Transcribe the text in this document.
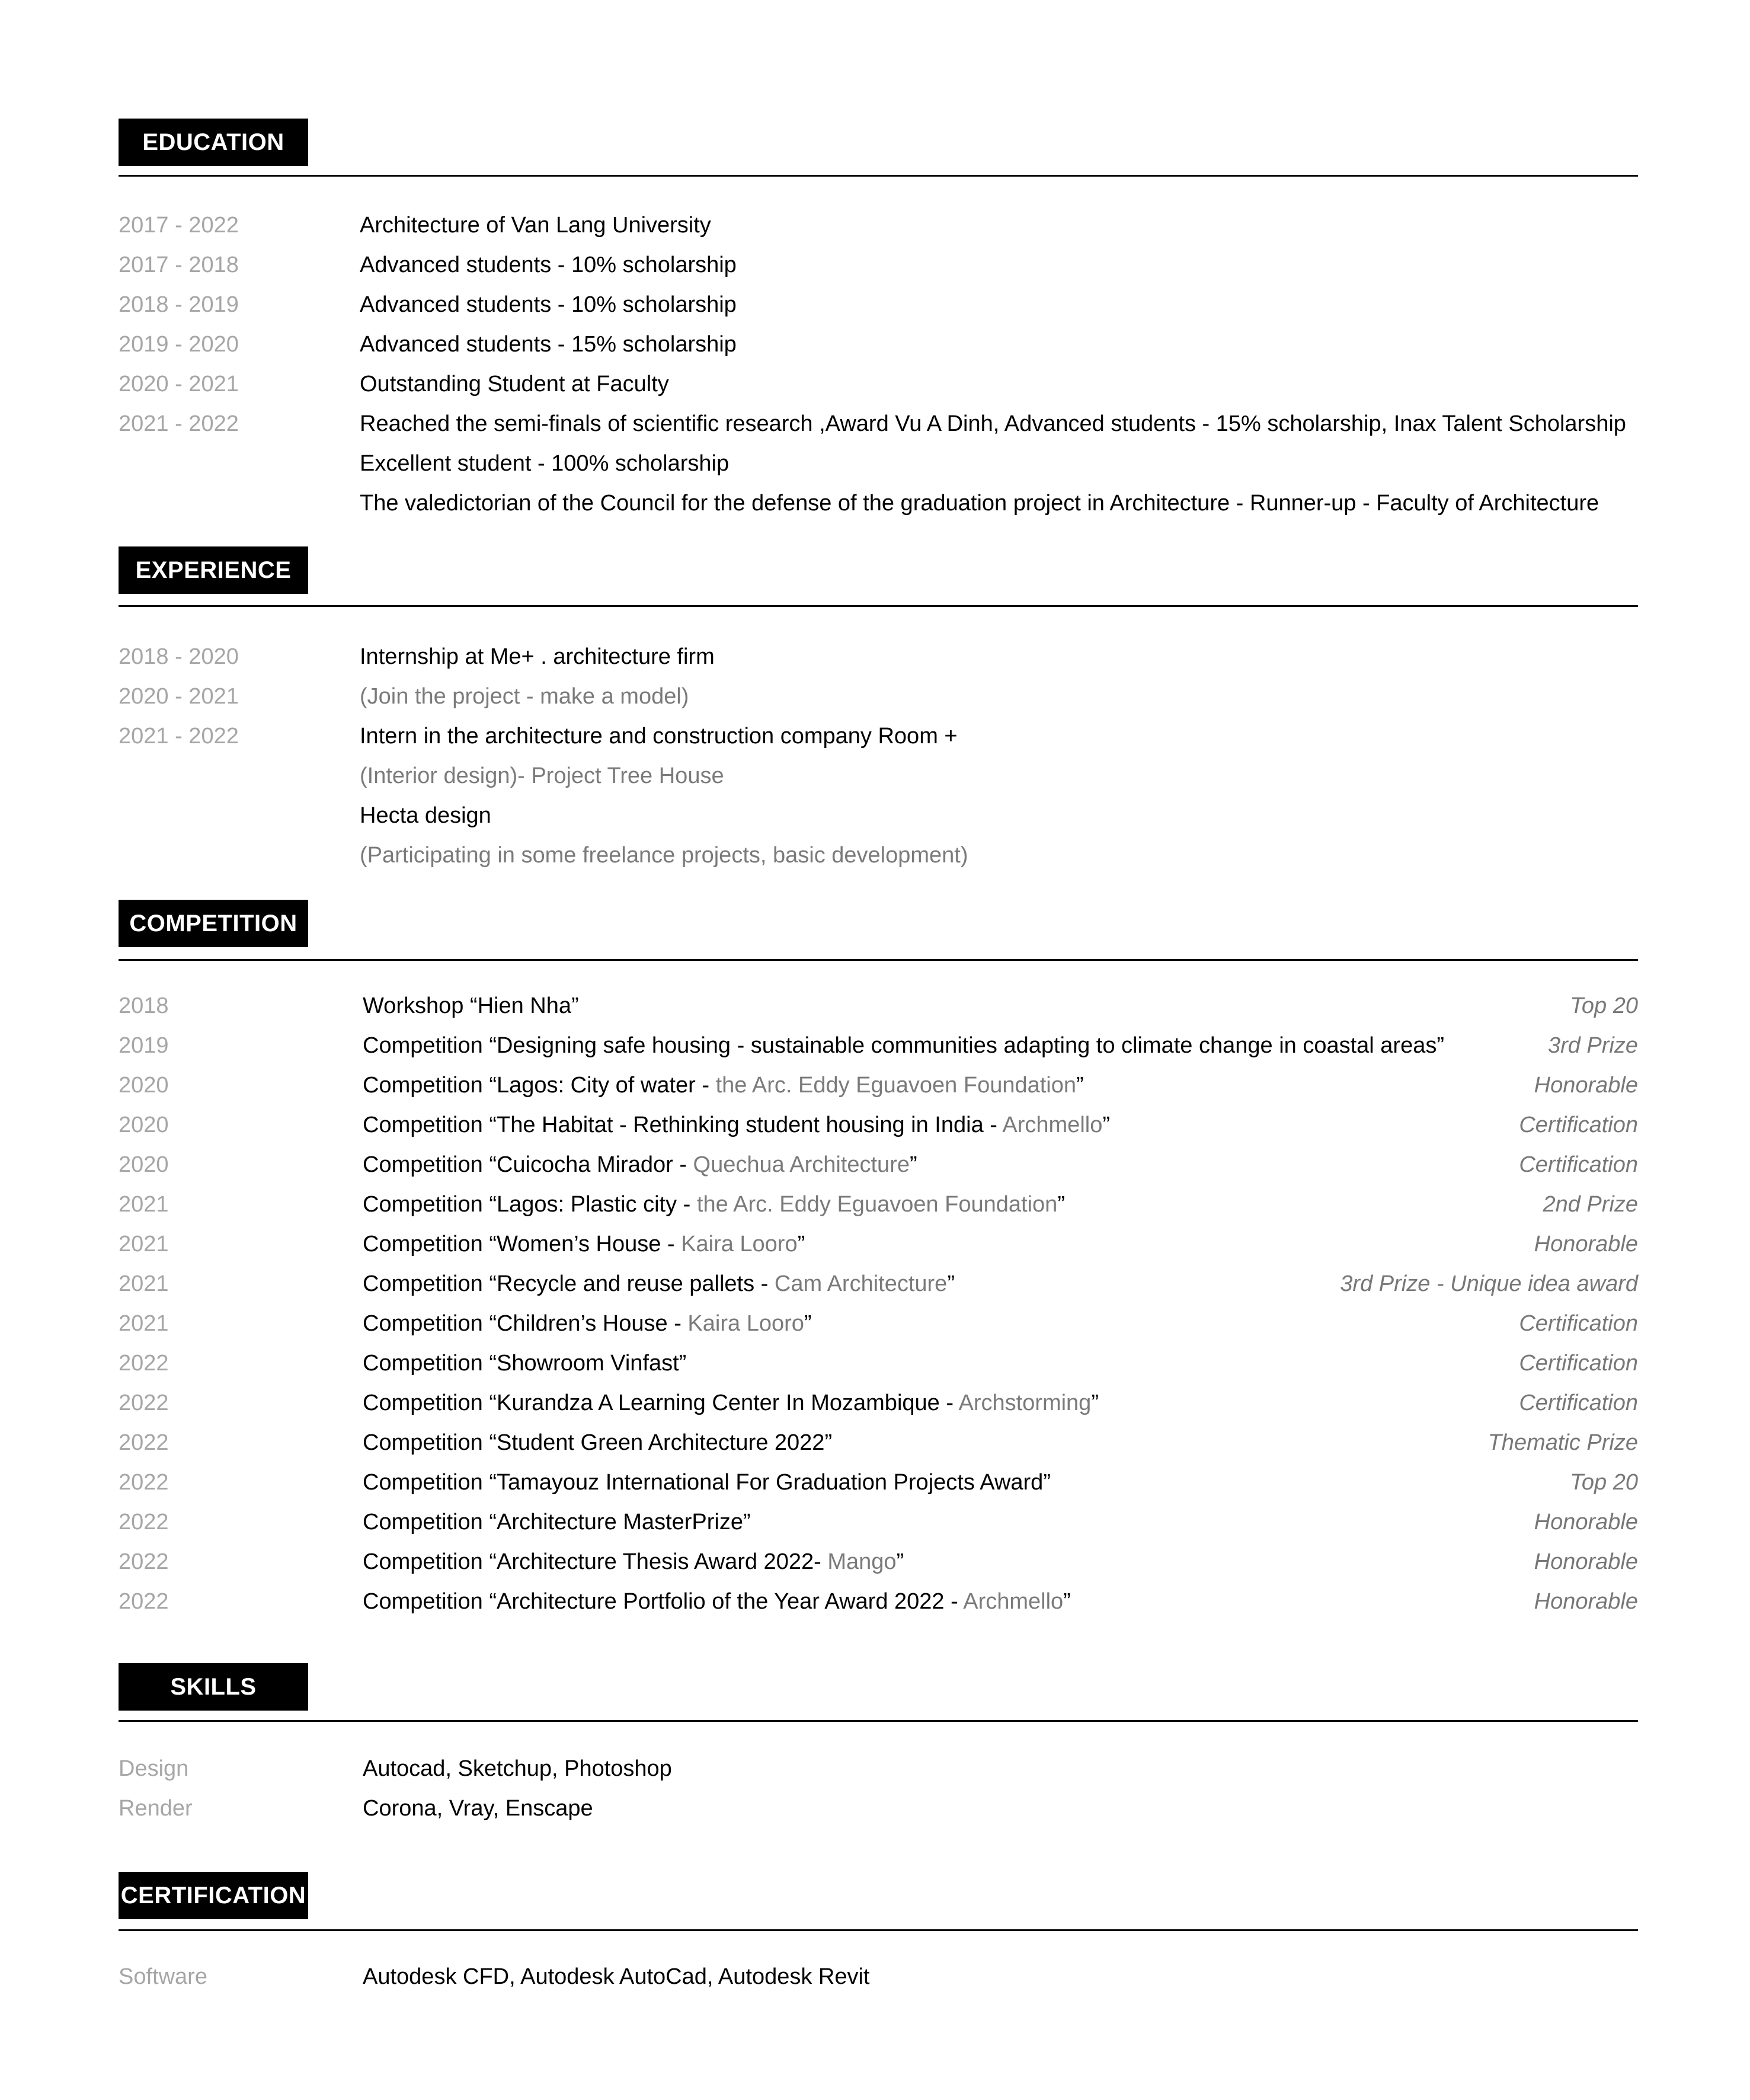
EDUCATION
2017 - 2022	Architecture of Van Lang University
2017 - 2018	Advanced students - 10% scholarship
2018 - 2019	Advanced students - 10% scholarship
2019 - 2020	Advanced students - 15% scholarship
2020 - 2021	Outstanding Student at Faculty
2021 - 2022	Reached the semi-finals of scientific research ,Award Vu A Dinh, Advanced students - 15% scholarship, Inax Talent Scholarship
Excellent student - 100% scholarship
The valedictorian of the Council for the defense of the graduation project in Architecture - Runner-up - Faculty of Architecture
EXPERIENCE
2018 - 2020	Internship at Me+ . architecture firm
2020 - 2021	(Join the project - make a model)
2021 - 2022	Intern in the architecture and construction company Room +
(Interior design)- Project Tree House
Hecta design
(Participating in some freelance projects, basic development)
COMPETITION
2018	Workshop “Hien Nha”	Top 20
2019	Competition “Designing safe housing - sustainable communities adapting to climate change in coastal areas”	3rd Prize
2020	Competition “Lagos: City of water - the Arc. Eddy Eguavoen Foundation”	Honorable
2020	Competition “The Habitat - Rethinking student housing in India - Archmello”	Certification
2020	Competition “Cuicocha Mirador - Quechua Architecture”	Certification
2021	Competition “Lagos: Plastic city - the Arc. Eddy Eguavoen Foundation”	2nd Prize
2021	Competition “Women’s House - Kaira Looro”	Honorable
2021	Competition “Recycle and reuse pallets - Cam Architecture”	3rd Prize - Unique idea award
2021	Competition “Children’s House - Kaira Looro”	Certification
2022	Competition “Showroom Vinfast”	Certification
2022	Competition “Kurandza A Learning Center In Mozambique - Archstorming”	Certification
2022	Competition “Student Green Architecture 2022”	Thematic Prize
2022	Competition “Tamayouz International For Graduation Projects Award”	Top 20
2022	Competition “Architecture MasterPrize”	Honorable
2022	Competition “Architecture Thesis Award 2022- Mango”	Honorable
2022	Competition “Architecture Portfolio of the Year Award 2022 - Archmello”	Honorable
SKILLS
Design	Autocad, Sketchup, Photoshop
Render	Corona, Vray, Enscape
CERTIFICATION
Software	Autodesk CFD, Autodesk AutoCad, Autodesk Revit
